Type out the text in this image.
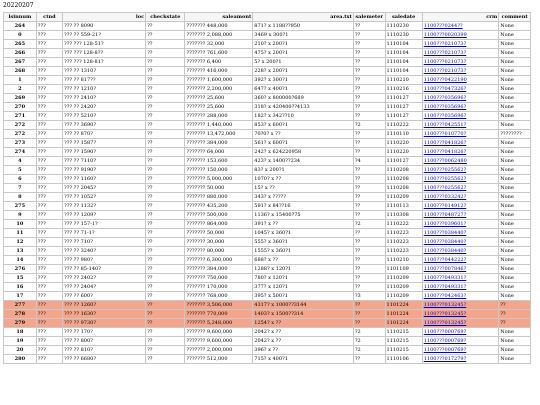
20220207
lsinnum	ctnd	loc	checkstate	saleamont	area.txt	salemeter	saledate	crm	comment
264	???	??? ?? 8090	??	??????? 448,000	871? x 1188??950	??	1110230	1100???0244??	None
0	???	??? ?? 559-21?	??	??????? 2,088,000	3469 x 300?1	??	1110230	1100???0020399	None
265	???	??? ??? 128-51?	??	??????? 32,000	210? x 200?1	??	1110104	1100???021073?	None
266	???	??? ??? 128-8??	??	??????? 761,600	475? x 200?1	??	1110104	1100???021073?	None
267	???	??? ??? 128-81?	??	??????? 6,400	5? x 200?1	??	1110104	1100???021073?	None
268	???	??? ?? 1310?	??	??????? 416,000	228? x 200?1	??	1110104	1100???021073?	None
1	???	??? ?? 817??	??	??????? 1,600,000	392? x 300?1	??	1110210	1100???0422190	None
2	???	??? ?? 1210?	??	??????? 2,200,000	647? x 400?1	??	1110216	1100???047326?	None
269	???	??? ?? 2410?	??	??????? 25,600	360? x 800000?689	??	1110127	1100???035696?	None
270	???	??? ?? 2420?	??	??????? 25,600	318? x 420400??4133	??	1110127	1100???035696?	None
271	???	??? ?? 5210?	??	??????? 288,000	182? x 342??10	??	1110127	1100???035696?	None
272	???	??? ?? 3690?	??	??????? 1,440,000	853? x 600?1	?2	1110222	1100???042551?	None
272	???	??? ?? 870?	??	??????? 13,472,000	70?0? x ??	??	1110110	1100???010770?	????????
273	???	??? ?? 1587?	??	??????? 384,000	561? x 600?1	??	1110220	1100???041826?	None
274	???	??? ?? 1590?	??	??????? 64,000	242? x 624220958	??	1110220	1100???041826?	None
4	???	??? ?? 7110?	??	??????? 153,600	423? x 1400??234	?4	1110127	1100???0062480	None
5	???	??? ?? 9190?	??	??????? 150,000	83? x 200?1	??	1110208	1100???025562?	None
6	???	??? ?? 1160?	??	??????? 5,000,000	1070? x ??	??	1110208	1100???025562?	None
7	???	??? ?? 2045?	??	??????? 50,000	15? x ??	??	1110208	1100???025562?	None
8	???	??? ?? 1052?	??	??????? 880,000	343? x ?????	??	1110209	1100???033242?	None
275	???	??? ?? 1132?	??	??????? 435,200	591? x 84??16	??	1110113	1100???014912?	None
9	???	??? ?? 1209?	??	??????? 500,000	1136? x 15400?75	??	1110308	1100???048727?	None
10	???	??? ?? 157-1?	??	??????? 864,000	391? x ??	?2	1110222	1100???039601?	None
11	???	??? ?? 71-1?	??	??????? 50,000	1045? x 360?1	??	1110223	1100???038440?	None
12	???	??? ?? 710?	??	??????? 30,000	555? x 360?1	??	1110223	1100???038440?	None
13	???	??? ?? 3240?	??	??????? 80,000	1555? x 360?1	??	1110223	1100???038440?	None
14	???	??? ?? 980?	??	??????? 6,300,000	688? x ??	??	1110210	1100???044222?	None
276	???	??? ?? 85-140?	??	??????? 384,000	1288? x 120?1	??	1101109	1100???007846?	None
15	???	??? ?? 2402?	??	??????? 750,000	780? x 120?1	??	1110209	1100???049331?	None
16	???	??? ?? 2404?	??	??????? 170,000	377? x 120?1	??	1110209	1100???049331?	None
17	???	??? ?? 600?	??	??????? 768,000	395? x 500?1	?3	1110209	1100???042463?	None
277	???	??? ?? 1260?	??	??????? 3,506,000	4317? x 1000??3144	??	1101224	1100???013245?	??
278	???	??? ?? 1630?	??	??????? 770,000	1403? x 1500??314	??	1101224	1100???013245?	??
279	???	??? ?? 9730?	??	??????? 5,248,000	1254? x ??	??	1101224	1100???013245?	??
18	???	??? ?? 170?	??	??????? 9,600,000	2042? x ??	?2	1110215	1100???000769?	None
19	???	??? ?? 800?	??	??????? 9,600,000	2042? x ??	?2	1110215	1100???000769?	None
20	???	??? ?? 810?	??	??????? 2,000,000	396? x ??	?2	1110215	1100???000769?	None
280	???	??? ?? 6680?	??	??????? 512,000	715? x 400?1	??	1110106	1100???017279?	None
